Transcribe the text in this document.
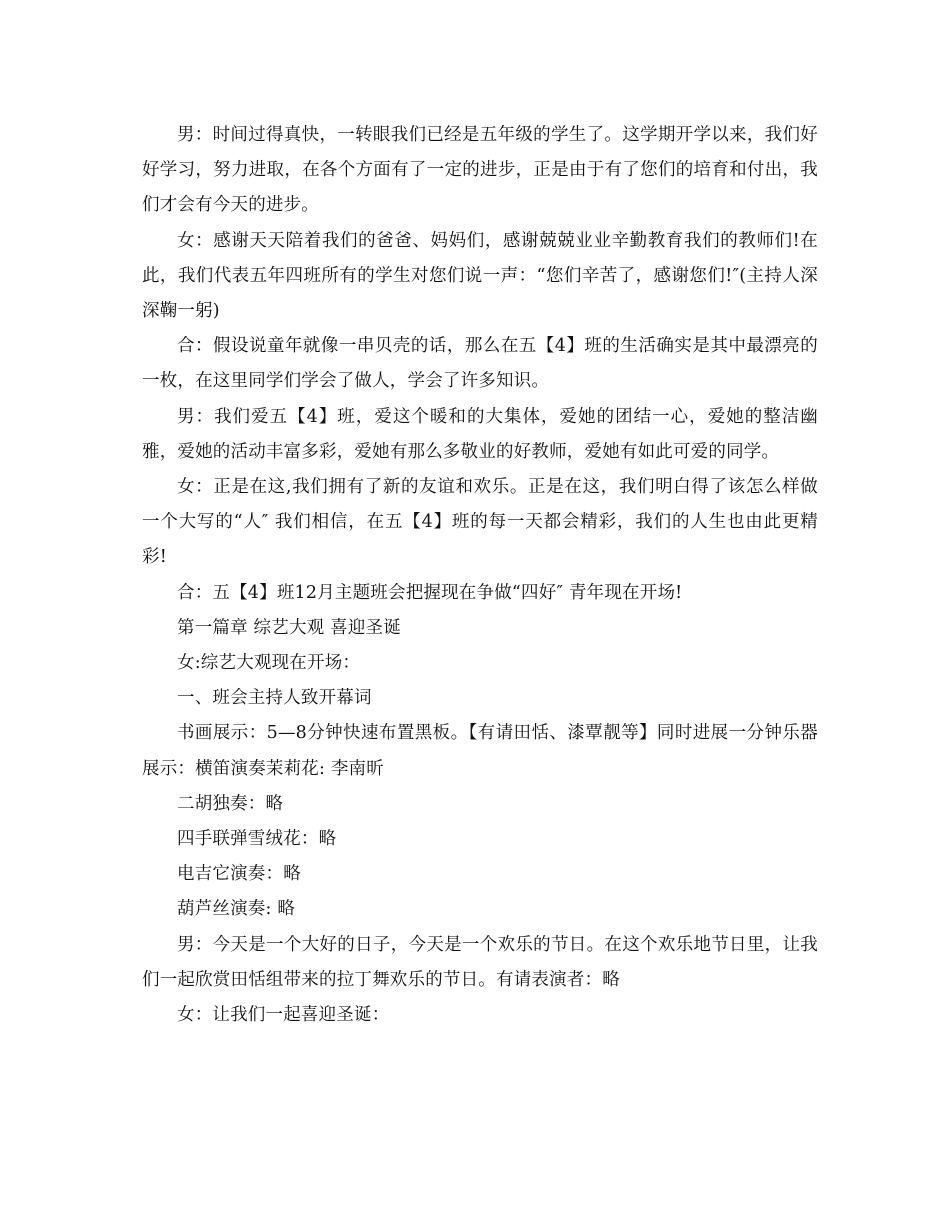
男：时间过得真快，一转眼我们已经是五年级的学生了。这学期开学以来，我们好好学习，努力进取，在各个方面有了一定的进步，正是由于有了您们的培育和付出，我们才会有今天的进步。

女：感谢天天陪着我们的爸爸、妈妈们，感谢兢兢业业辛勤教育我们的教师们!在此，我们代表五年四班所有的学生对您们说一声：“您们辛苦了，感谢您们!″(主持人深深鞠一躬)

合：假设说童年就像一串贝壳的话，那么在五【4】班的生活确实是其中最漂亮的一枚，在这里同学们学会了做人，学会了许多知识。

男：我们爱五【4】班，爱这个暖和的大集体，爱她的团结一心，爱她的整洁幽雅，爱她的活动丰富多彩，爱她有那么多敬业的好教师，爱她有如此可爱的同学。

女：正是在这,我们拥有了新的友谊和欢乐。正是在这，我们明白得了该怎么样做一个大写的“人″ 我们相信，在五【4】班的每一天都会精彩，我们的人生也由此更精彩!

合：五【4】班12月主题班会把握现在争做“四好″ 青年现在开场!

第一篇章 综艺大观 喜迎圣诞

女:综艺大观现在开场：

一、班会主持人致开幕词

书画展示：5—8分钟快速布置黑板。【有请田恬、漆覃靓等】同时进展一分钟乐器展示：横笛演奏茉莉花: 李南昕

二胡独奏：略

四手联弹雪绒花：略

电吉它演奏：略

葫芦丝演奏: 略

男：今天是一个大好的日子，今天是一个欢乐的节日。在这个欢乐地节日里，让我们一起欣赏田恬组带来的拉丁舞欢乐的节日。有请表演者：略

女：让我们一起喜迎圣诞：
